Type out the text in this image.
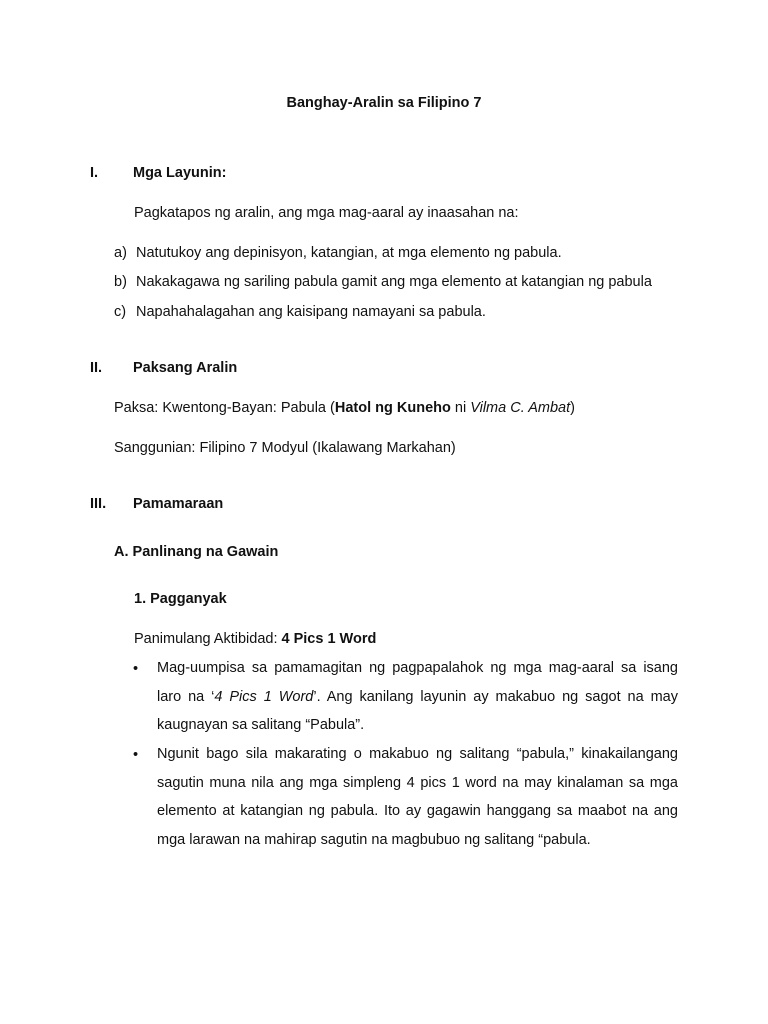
Banghay-Aralin sa Filipino 7
I. Mga Layunin:
Pagkatapos ng aralin, ang mga mag-aaral ay inaasahan na:
a) Natutukoy ang depinisyon, katangian, at mga elemento ng pabula.
b) Nakakagawa ng sariling pabula gamit ang mga elemento at katangian ng pabula
c) Napahahalagahan ang kaisipang namayani sa pabula.
II. Paksang Aralin
Paksa: Kwentong-Bayan: Pabula (Hatol ng Kuneho ni Vilma C. Ambat)
Sanggunian: Filipino 7 Modyul (Ikalawang Markahan)
III. Pamamaraan
A. Panlinang na Gawain
1. Pagganyak
Panimulang Aktibidad: 4 Pics 1 Word
• Mag-uumpisa sa pamamagitan ng pagpapalahok ng mga mag-aaral sa isang laro na ‘4 Pics 1 Word’. Ang kanilang layunin ay makabuo ng sagot na may kaugnayan sa salitang “Pabula”.
• Ngunit bago sila makarating o makabuo ng salitang “pabula,” kinakailangang sagutin muna nila ang mga simpleng 4 pics 1 word na may kinalaman sa mga elemento at katangian ng pabula. Ito ay gagawin hanggang sa maabot na ang mga larawan na mahirap sagutin na magbubuo ng salitang “pabula.
